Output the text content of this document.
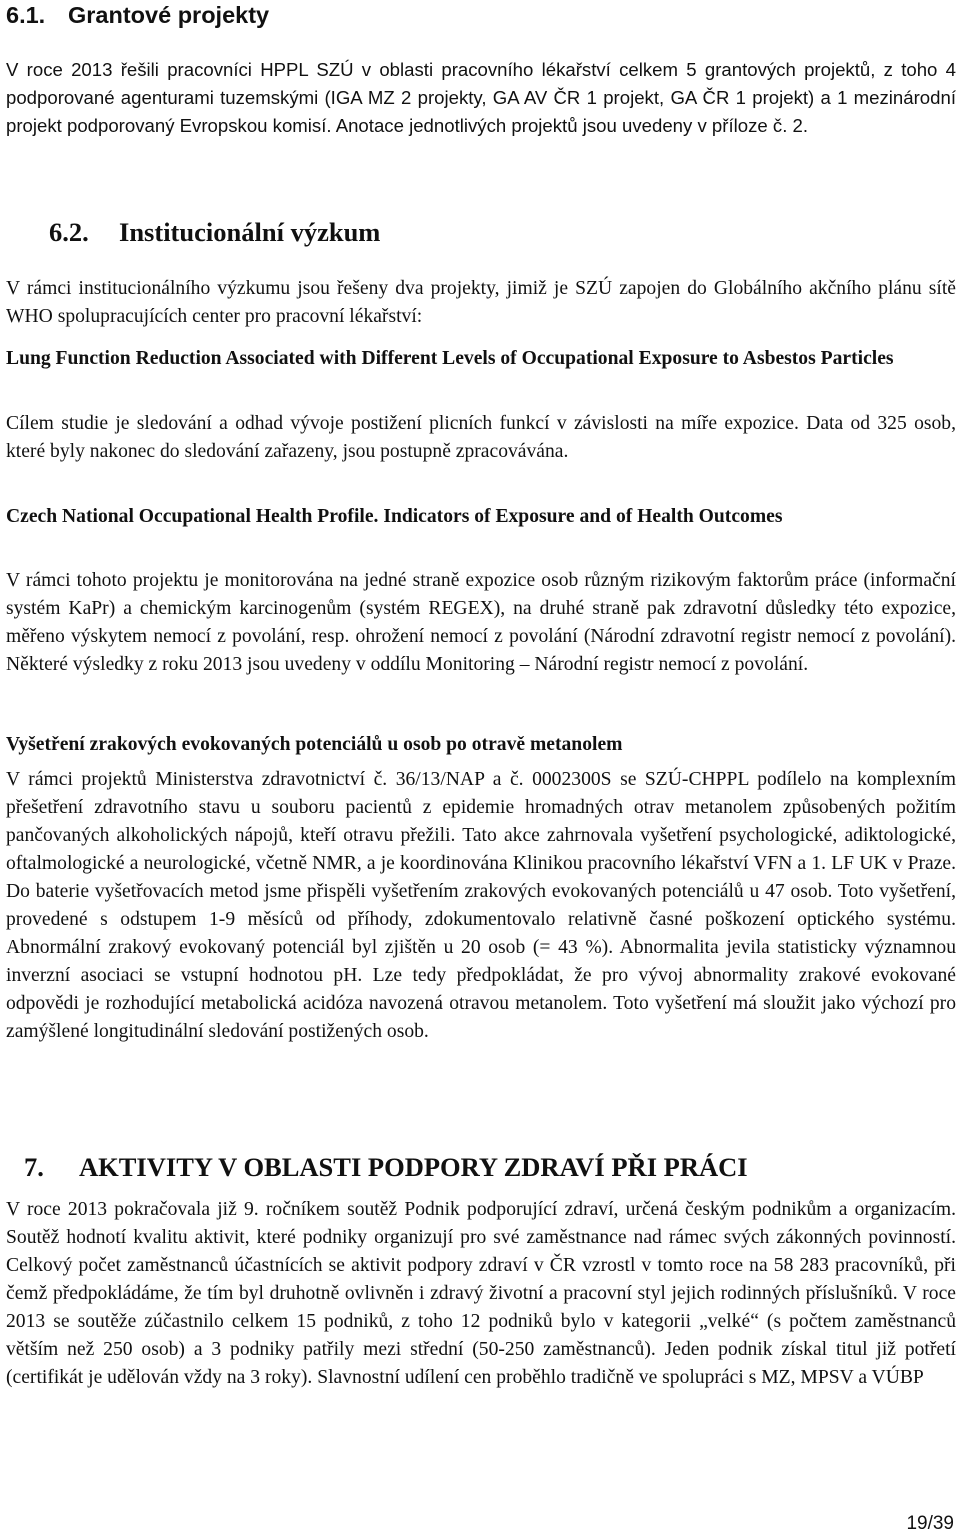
6.1. Grantové projekty

V roce 2013 řešili pracovníci HPPL SZÚ v oblasti pracovního lékařství celkem 5 grantových projektů, z toho 4 podporované agenturami tuzemskými (IGA MZ 2 projekty, GA AV ČR 1 projekt, GA ČR 1 projekt) a 1 mezinárodní projekt podporovaný Evropskou komisí. Anotace jednotlivých projektů jsou uvedeny v příloze č. 2.

6.2. Institucionální výzkum

V rámci institucionálního výzkumu jsou řešeny dva projekty, jimiž je SZÚ zapojen do Globálního akčního plánu sítě WHO spolupracujících center pro pracovní lékařství:

Lung Function Reduction Associated with Different Levels of Occupational Exposure to Asbestos Particles

Cílem studie je sledování a odhad vývoje postižení plicních funkcí v závislosti na míře expozice. Data od 325 osob, které byly nakonec do sledování zařazeny, jsou postupně zpracovávána.

Czech National Occupational Health Profile. Indicators of Exposure and of Health Outcomes

V rámci tohoto projektu je monitorována na jedné straně expozice osob různým rizikovým faktorům práce (informační systém KaPr) a chemickým karcinogenům (systém REGEX), na druhé straně pak zdravotní důsledky této expozice, měřeno výskytem nemocí z povolání, resp. ohrožení nemocí z povolání (Národní zdravotní registr nemocí z povolání). Některé výsledky z roku 2013 jsou uvedeny v oddílu Monitoring – Národní registr nemocí z povolání.

Vyšetření zrakových evokovaných potenciálů u osob po otravě metanolem

V rámci projektů Ministerstva zdravotnictví č. 36/13/NAP a č. 0002300S se SZÚ-CHPPL podílelo na komplexním přešetření zdravotního stavu u souboru pacientů z epidemie hromadných otrav metanolem způsobených požitím pančovaných alkoholických nápojů, kteří otravu přežili. Tato akce zahrnovala vyšetření psychologické, adiktologické, oftalmologické a neurologické, včetně NMR, a je koordinována Klinikou pracovního lékařství VFN a 1. LF UK v Praze. Do baterie vyšetřovacích metod jsme přispěli vyšetřením zrakových evokovaných potenciálů u 47 osob. Toto vyšetření, provedené s odstupem 1-9 měsíců od příhody, zdokumentovalo relativně časné poškození optického systému. Abnormální zrakový evokovaný potenciál byl zjištěn u 20 osob (= 43 %). Abnormalita jevila statisticky významnou inverzní asociaci se vstupní hodnotou pH. Lze tedy předpokládat, že pro vývoj abnormality zrakové evokované odpovědi je rozhodující metabolická acidóza navozená otravou metanolem. Toto vyšetření má sloužit jako výchozí pro zamýšlené longitudinální sledování postižených osob.

7. AKTIVITY V OBLASTI PODPORY ZDRAVÍ PŘI PRÁCI

V roce 2013 pokračovala již 9. ročníkem soutěž Podnik podporující zdraví, určená českým podnikům a organizacím. Soutěž hodnotí kvalitu aktivit, které podniky organizují pro své zaměstnance nad rámec svých zákonných povinností. Celkový počet zaměstnanců účastnících se aktivit podpory zdraví v ČR vzrostl v tomto roce na 58 283 pracovníků, při čemž předpokládáme, že tím byl druhotně ovlivněn i zdravý životní a pracovní styl jejich rodinných příslušníků. V roce 2013 se soutěže zúčastnilo celkem 15 podniků, z toho 12 podniků bylo v kategorii „velké“ (s počtem zaměstnanců větším než 250 osob) a 3 podniky patřily mezi střední (50-250 zaměstnanců). Jeden podnik získal titul již potřetí (certifikát je udělován vždy na 3 roky). Slavnostní udílení cen proběhlo tradičně ve spolupráci s MZ, MPSV a VÚBP

19/39
